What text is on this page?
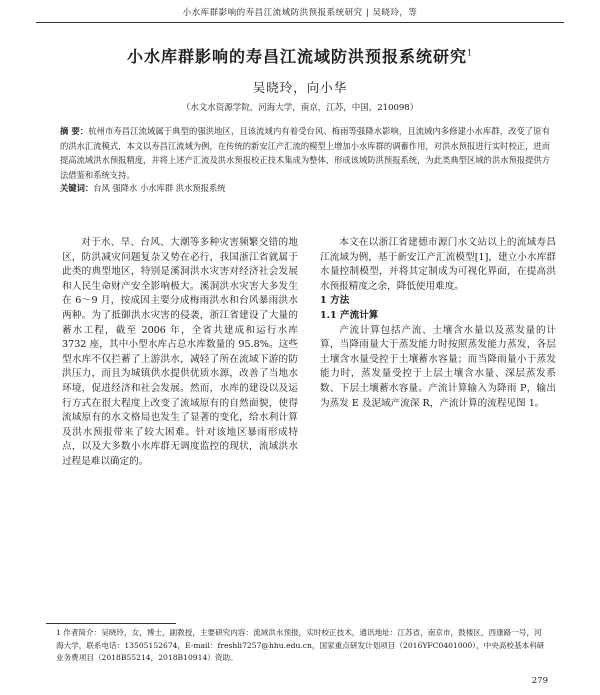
小水库群影响的寿昌江流域防洪预报系统研究 | 吴晓玲，等
小水库群影响的寿昌江流域防洪预报系统研究$^1$
吴晓玲，向小华
（水文水资源学院，河海大学，南京，江苏，中国，210098）
摘 要：杭州市寿昌江流域属于典型的强洪地区，且该流域内有着受台风、梅雨等强降水影响，且流域内多修建小水库群，改变了原有的洪水汇流模式，本文以寿昌江流域为例，在传统的新安江产汇流的模型上增加小水库群的调蓄作用，对洪水预报进行实时校正，进而提高流域洪水预报精度，并将上述产汇流及洪水预报校正技术集成为整体，形成该域防洪预报系统，为此类典型区域的洪水预报提供方法借鉴和系统支持。
关键词：台风 强降水 小水库群 洪水预报系统

对于水、旱、台风、大潮等多种灾害频繁交错的地区，防洪减灾问题复杂又势在必行，我国浙江省就属于此类的典型地区，特别是溪洞洪水灾害对经济社会发展和人民生命财产安全影响极大。溪洞洪水灾害大多发生在 6～9 月，按成因主要分成梅雨洪水和台风暴雨洪水两种。为了抵御洪水灾害的侵袭，浙江省建设了大量的蓄水工程，截至 2006 年，全省共建成和运行水库 3732 座，其中小型水库占总水库数量的 95.8%。这些型水库不仅拦蓄了上游洪水，减轻了所在流域下游的防洪压力，而且为城镇供水提供优质水源，改善了当地水环境，促进经济和社会发展。然而，水库的建设以及运行方式在很大程度上改变了流域原有的自然面貌，使得流域原有的水文格局也发生了显著的变化，给水利计算及洪水预报带来了较大困难。针对该地区暴雨形成特点，以及大多数小水库群无调度监控的现状，流域洪水过程是难以确定的。

本文在以浙江省建德市源门水文站以上的流域寿昌江流域为例，基于新安江产汇流模型[1]，建立小水库群水量控制模型，并将其定制成为可视化界面，在提高洪水预报精度之余，降低使用难度。

1 方法

1.1 产流计算

产流计算包括产流、土壤含水量以及蒸发量的计算，当降雨量大于蒸发能力时按照蒸发能力蒸发，各层土壤含水量受控于土壤蓄水容量；而当降雨量小于蒸发能力时，蒸发量受控于上层土壤含水量、深层蒸发系数、下层土壤蓄水容量。产流计算输入为降雨 P，输出为蒸发 E 及泥域产流深 R，产流计算的流程见图 1。

1 作者简介：吴晓玲，女，博士，副教授，主要研究内容：流域洪水预报，实时校正技术，通讯地址：江苏省，南京市，鼓楼区，西康路一号，河海大学，联系电话：13505152674，E-mail：freshli7257@hhu.edu.cn，国家重点研发计划项目（2016YFC0401000），中央高校基本科研业务费项目（2018B55214，2018B10914）资助。
279
